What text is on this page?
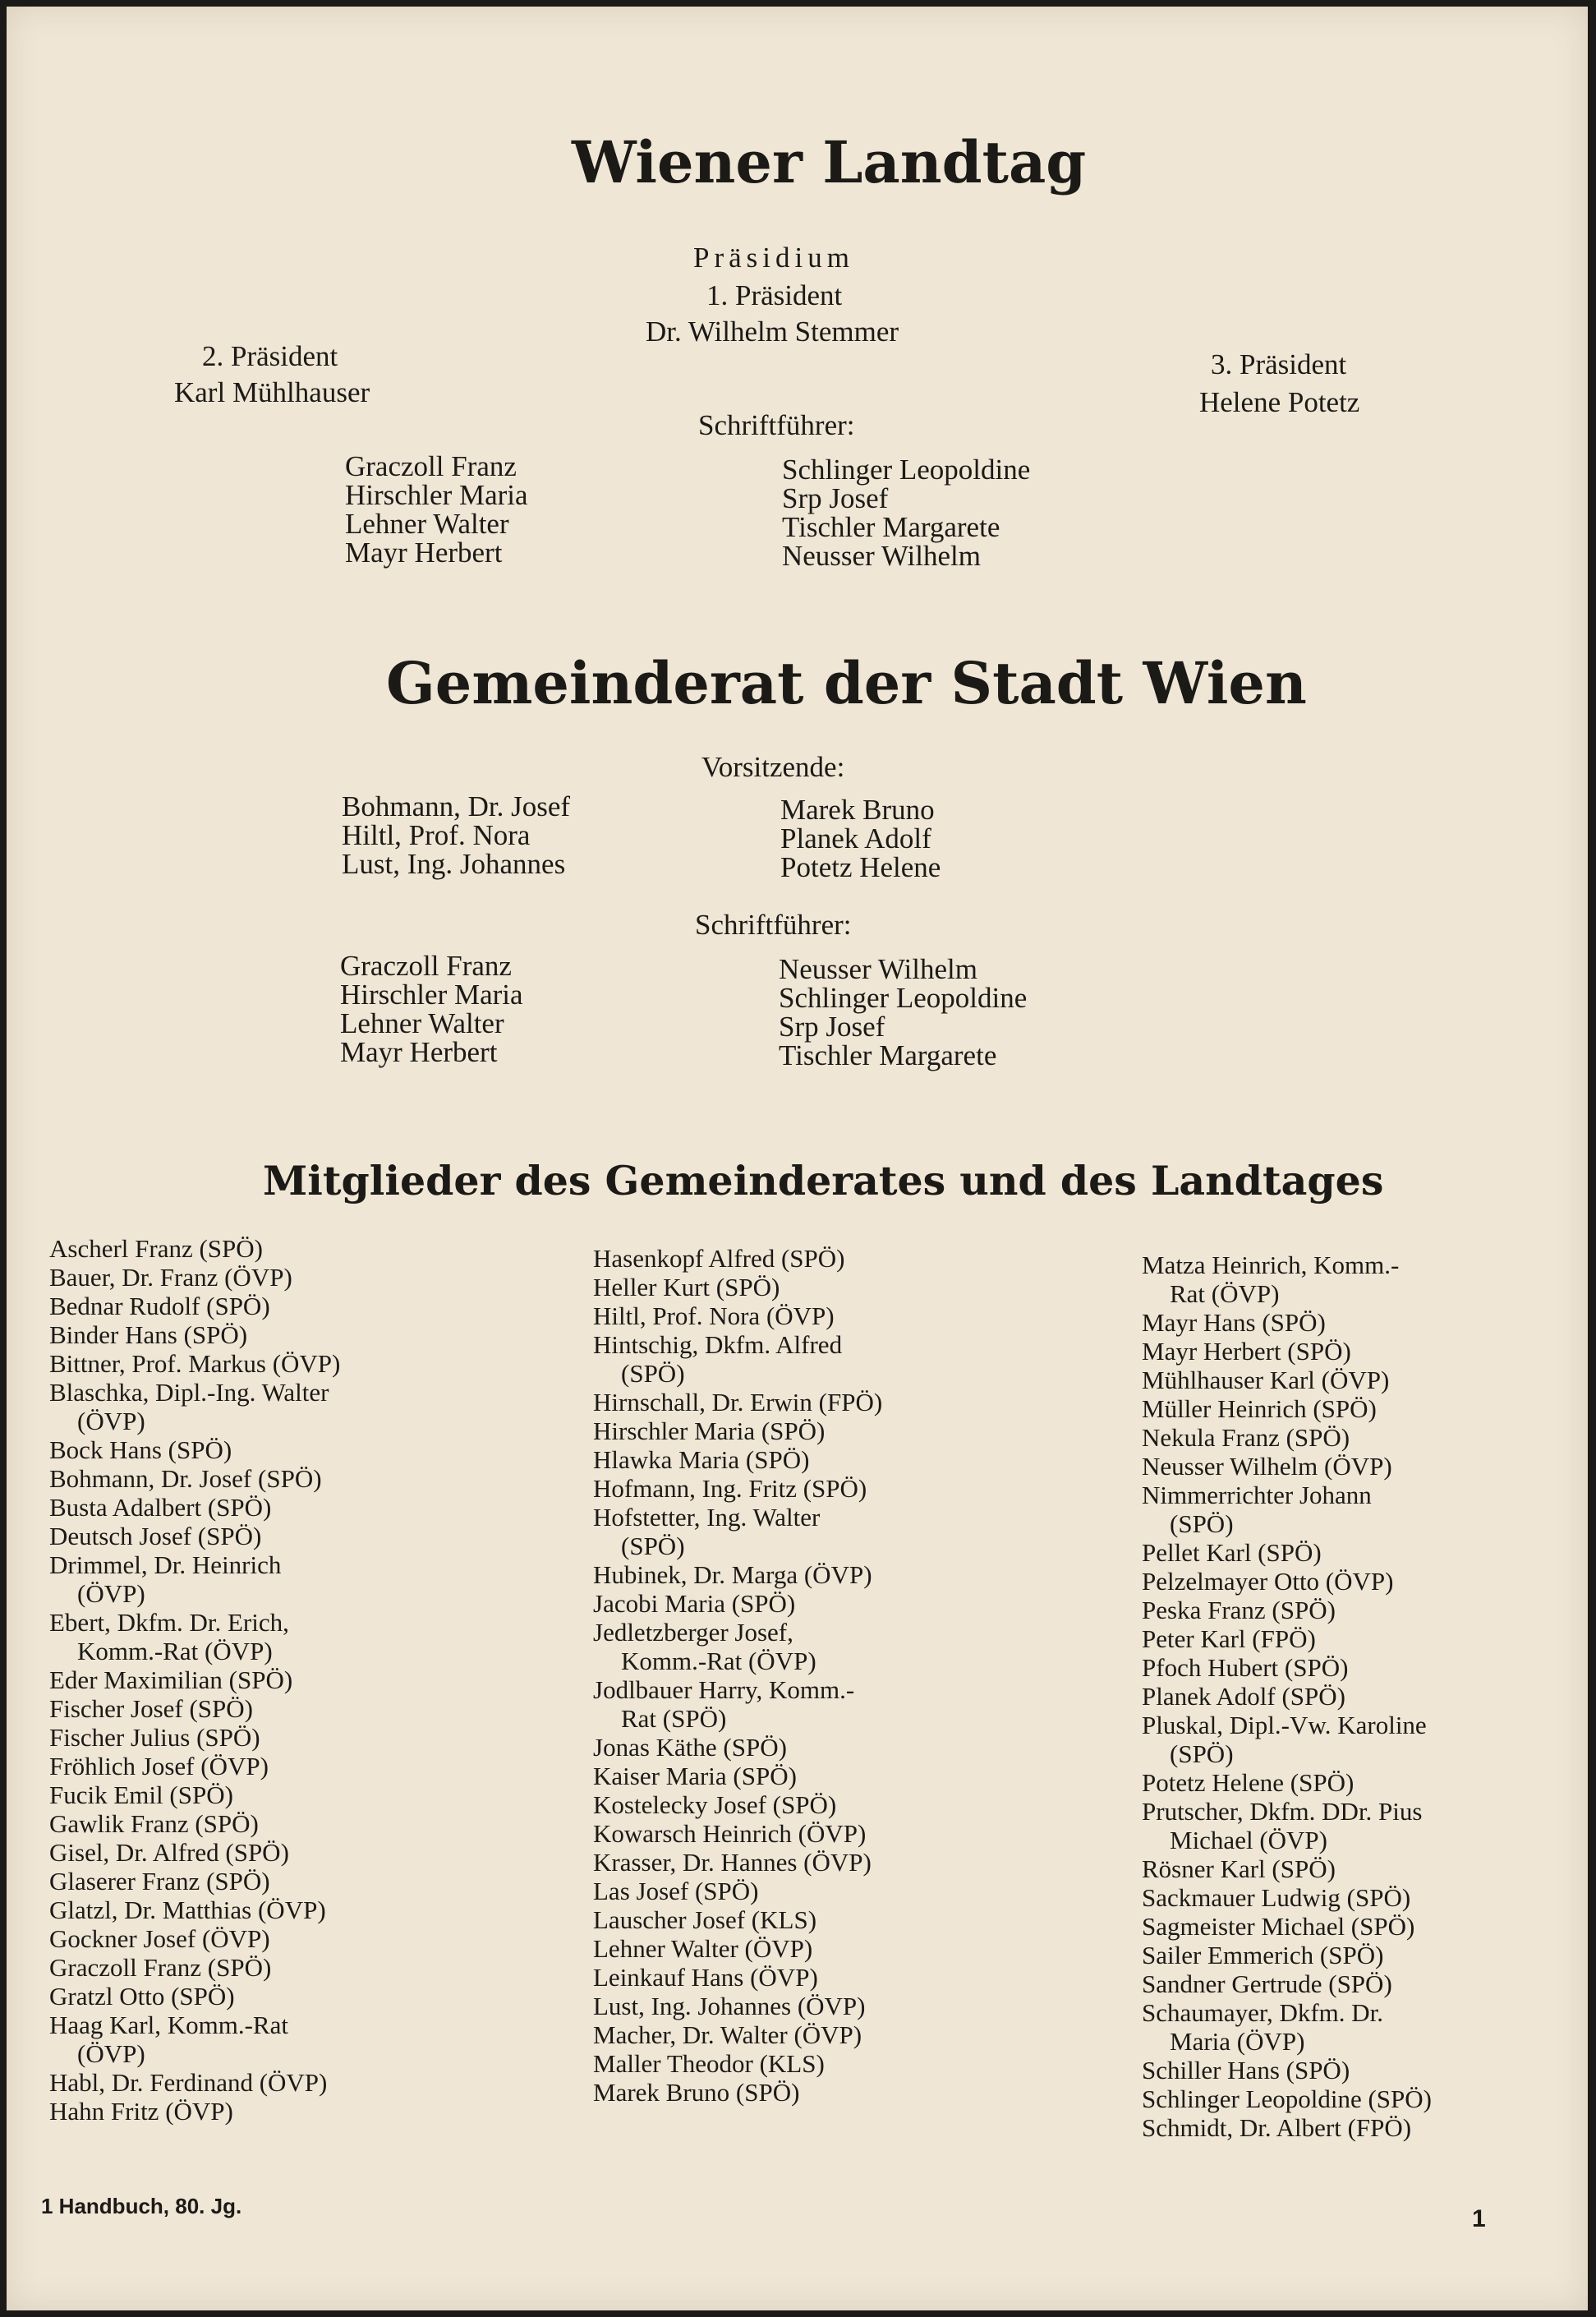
Wiener Landtag
Präsidium
1. Präsident
Dr. Wilhelm Stemmer
2. Präsident
Karl Mühlhauser
3. Präsident
Helene Potetz
Schriftführer:
Graczoll Franz
Hirschler Maria
Lehner Walter
Mayr Herbert
Schlinger Leopoldine
Srp Josef
Tischler Margarete
Neusser Wilhelm
Gemeinderat der Stadt Wien
Vorsitzende:
Bohmann, Dr. Josef
Hiltl, Prof. Nora
Lust, Ing. Johannes
Marek Bruno
Planek Adolf
Potetz Helene
Schriftführer:
Graczoll Franz
Hirschler Maria
Lehner Walter
Mayr Herbert
Neusser Wilhelm
Schlinger Leopoldine
Srp Josef
Tischler Margarete
Mitglieder des Gemeinderates und des Landtages
Ascherl Franz (SPÖ)
Bauer, Dr. Franz (ÖVP)
Bednar Rudolf (SPÖ)
Binder Hans (SPÖ)
Bittner, Prof. Markus (ÖVP)
Blaschka, Dipl.-Ing. Walter
(ÖVP)
Bock Hans (SPÖ)
Bohmann, Dr. Josef (SPÖ)
Busta Adalbert (SPÖ)
Deutsch Josef (SPÖ)
Drimmel, Dr. Heinrich
(ÖVP)
Ebert, Dkfm. Dr. Erich,
Komm.-Rat (ÖVP)
Eder Maximilian (SPÖ)
Fischer Josef (SPÖ)
Fischer Julius (SPÖ)
Fröhlich Josef (ÖVP)
Fucik Emil (SPÖ)
Gawlik Franz (SPÖ)
Gisel, Dr. Alfred (SPÖ)
Glaserer Franz (SPÖ)
Glatzl, Dr. Matthias (ÖVP)
Gockner Josef (ÖVP)
Graczoll Franz (SPÖ)
Gratzl Otto (SPÖ)
Haag Karl, Komm.-Rat
(ÖVP)
Habl, Dr. Ferdinand (ÖVP)
Hahn Fritz (ÖVP)
Hasenkopf Alfred (SPÖ)
Heller Kurt (SPÖ)
Hiltl, Prof. Nora (ÖVP)
Hintschig, Dkfm. Alfred
(SPÖ)
Hirnschall, Dr. Erwin (FPÖ)
Hirschler Maria (SPÖ)
Hlawka Maria (SPÖ)
Hofmann, Ing. Fritz (SPÖ)
Hofstetter, Ing. Walter
(SPÖ)
Hubinek, Dr. Marga (ÖVP)
Jacobi Maria (SPÖ)
Jedletzberger Josef,
Komm.-Rat (ÖVP)
Jodlbauer Harry, Komm.-
Rat (SPÖ)
Jonas Käthe (SPÖ)
Kaiser Maria (SPÖ)
Kostelecky Josef (SPÖ)
Kowarsch Heinrich (ÖVP)
Krasser, Dr. Hannes (ÖVP)
Las Josef (SPÖ)
Lauscher Josef (KLS)
Lehner Walter (ÖVP)
Leinkauf Hans (ÖVP)
Lust, Ing. Johannes (ÖVP)
Macher, Dr. Walter (ÖVP)
Maller Theodor (KLS)
Marek Bruno (SPÖ)
Matza Heinrich, Komm.-
Rat (ÖVP)
Mayr Hans (SPÖ)
Mayr Herbert (SPÖ)
Mühlhauser Karl (ÖVP)
Müller Heinrich (SPÖ)
Nekula Franz (SPÖ)
Neusser Wilhelm (ÖVP)
Nimmerrichter Johann
(SPÖ)
Pellet Karl (SPÖ)
Pelzelmayer Otto (ÖVP)
Peska Franz (SPÖ)
Peter Karl (FPÖ)
Pfoch Hubert (SPÖ)
Planek Adolf (SPÖ)
Pluskal, Dipl.-Vw. Karoline
(SPÖ)
Potetz Helene (SPÖ)
Prutscher, Dkfm. DDr. Pius
Michael (ÖVP)
Rösner Karl (SPÖ)
Sackmauer Ludwig (SPÖ)
Sagmeister Michael (SPÖ)
Sailer Emmerich (SPÖ)
Sandner Gertrude (SPÖ)
Schaumayer, Dkfm. Dr.
Maria (ÖVP)
Schiller Hans (SPÖ)
Schlinger Leopoldine (SPÖ)
Schmidt, Dr. Albert (FPÖ)
1 Handbuch, 80. Jg.	1
